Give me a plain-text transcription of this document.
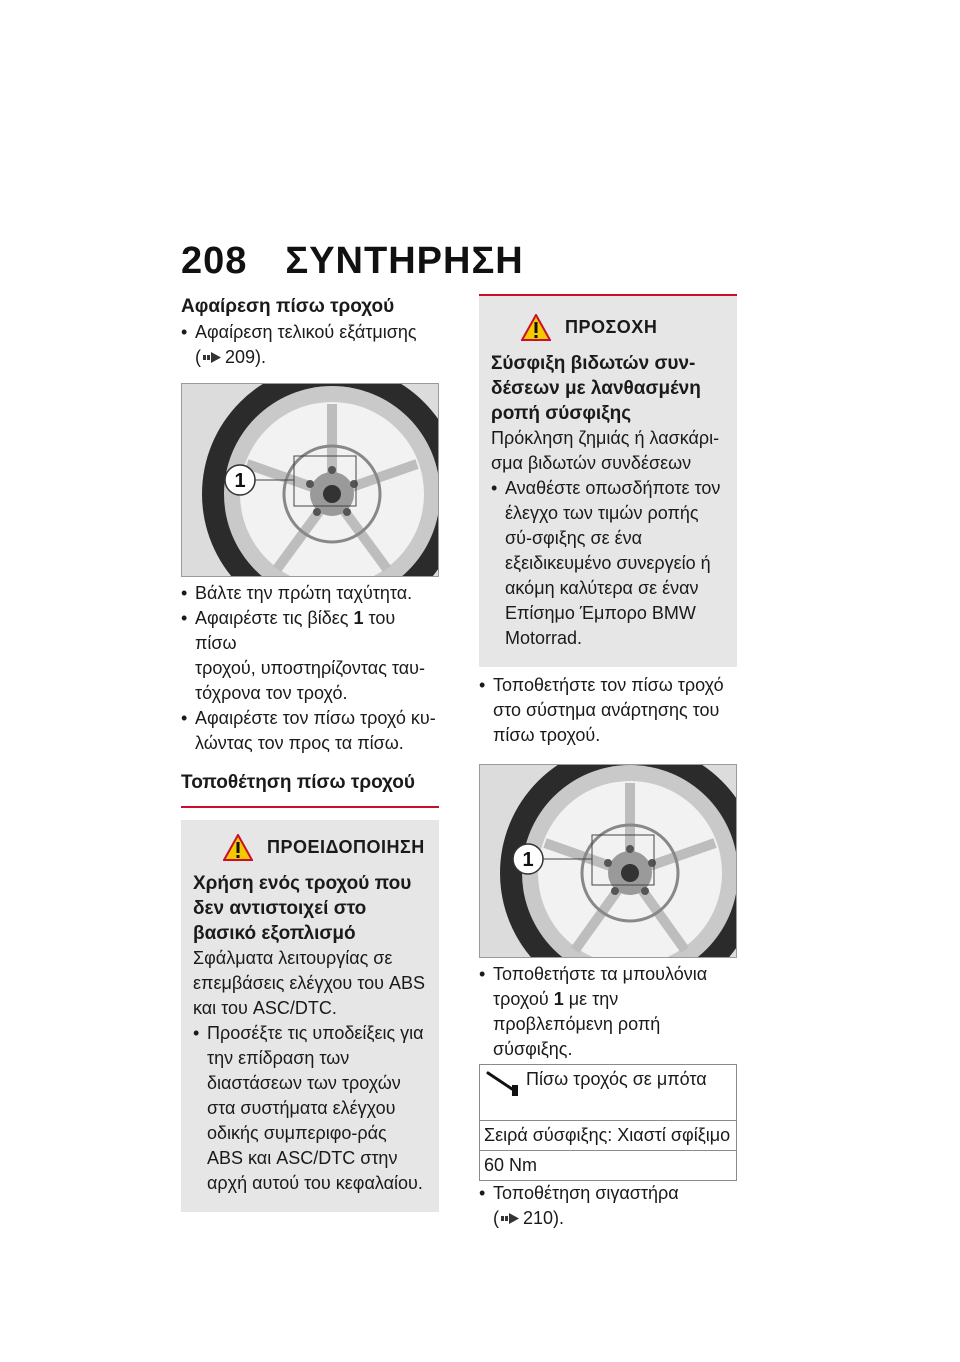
208 ΣΥΝΤΗΡΗΣΗ
Αφαίρεση πίσω τροχού
• Αφαίρεση τελικού εξάτμισης
( 209).
1
• Βάλτε την πρώτη ταχύτητα.
• Αφαιρέστε τις βίδες 1 του πίσω
τροχού, υποστηρίζοντας ταυ-τόχρονα τον τροχό.
• Αφαιρέστε τον πίσω τροχό κυ-λώντας τον προς τα πίσω.
Τοποθέτηση πίσω τροχού
ΠΡΟΕΙΔΟΠΟΙΗΣΗ
Χρήση ενός τροχού που δεν αντιστοιχεί στο βασικό εξοπλισμό
Σφάλματα λειτουργίας σε επεμβάσεις ελέγχου του ABS και του ASC/DTC.
• Προσέξτε τις υποδείξεις για την επίδραση των διαστάσεων των τροχών στα συστήματα ελέγχου οδικής συμπεριφο-ράς ABS και ASC/DTC στην αρχή αυτού του κεφαλαίου.
ΠΡΟΣΟΧΗ
Σύσφιξη βιδωτών συν-δέσεων με λανθασμένη ροπή σύσφιξης
Πρόκληση ζημιάς ή λασκάρι-σμα βιδωτών συνδέσεων
• Αναθέστε οπωσδήποτε τον έλεγχο των τιμών ροπής σύ-σφιξης σε ένα εξειδικευμένο συνεργείο ή ακόμη καλύτερα σε έναν Επίσημο Έμπορο BMW Motorrad.
• Τοποθετήστε τον πίσω τροχό στο σύστημα ανάρτησης του πίσω τροχού.
1
• Τοποθετήστε τα μπουλόνια τροχού 1 με την προβλεπόμενη ροπή σύσφιξης.
Πίσω τροχός σε μπότα
Σειρά σύσφιξης: Χιαστί σφίξιμο
60 Nm
• Τοποθέτηση σιγαστήρα
( 210).
